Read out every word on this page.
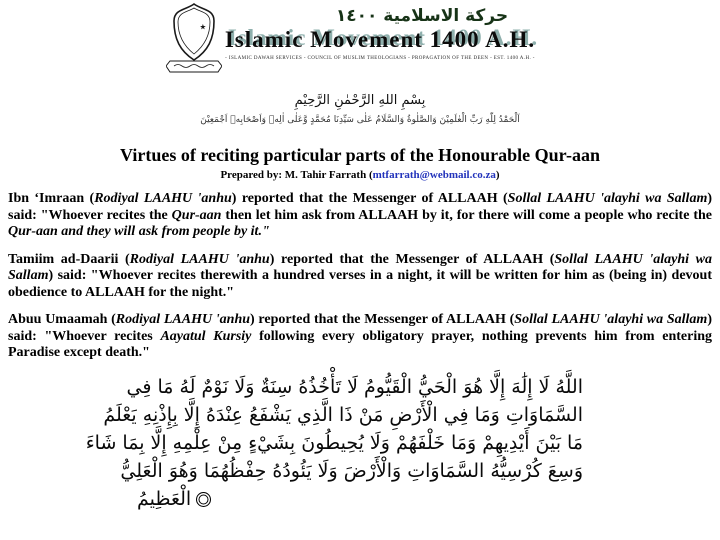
حركة الاسلامية ١٤٠٠
Islamic Movement 1400 A.H.
- ISLAMIC DAWAH SERVICES - COUNCIL OF MUSLIM THEOLOGIANS - PROPAGATION OF THE DEEN - EST. 1400 A.H. -
بِسْمِ اللهِ الرَّحْمٰنِ الرَّحِيْمِ
اَلْحَمْدُ لِلّٰهِ رَبِّ الْعٰلَمِيْنَ وَالصَّلٰوةُ وَالسَّلَامُ عَلٰى سَيِّدِنَا مُحَمَّدٍ وَّعَلٰى اٰلِهٖ وَاَصْحَابِهٖ اَجْمَعِيْنَ
Virtues of reciting particular parts of the Honourable Qur-aan
Prepared by: M. Tahir Farrath (mtfarrath@webmail.co.za)

Ibn ‘Imraan (Rodiyal LAAHU 'anhu) reported that the Messenger of ALLAAH (Sollal LAAHU 'alayhi wa Sallam) said: "Whoever recites the Qur-aan then let him ask from ALLAAH by it, for there will come a people who recite the Qur-aan and they will ask from people by it."

Tamiim ad-Daarii (Rodiyal LAAHU 'anhu) reported that the Messenger of ALLAAH (Sollal LAAHU 'alayhi wa Sallam) said: "Whoever recites therewith a hundred verses in a night, it will be written for him as (being in) devout obedience to ALLAAH for the night."

Abuu Umaamah (Rodiyal LAAHU 'anhu) reported that the Messenger of ALLAAH (Sollal LAAHU 'alayhi wa Sallam) said: "Whoever recites Aayatul Kursiy following every obligatory prayer, nothing prevents him from entering Paradise except death."

اللَّهُ لَا إِلَٰهَ إِلَّا هُوَ الْحَيُّ الْقَيُّومُ لَا تَأْخُذُهُ سِنَةٌ وَلَا نَوْمٌ لَهُ مَا فِي
السَّمَاوَاتِ وَمَا فِي الْأَرْضِ مَنْ ذَا الَّذِي يَشْفَعُ عِنْدَهُ إِلَّا بِإِذْنِهِ يَعْلَمُ
مَا بَيْنَ أَيْدِيهِمْ وَمَا خَلْفَهُمْ وَلَا يُحِيطُونَ بِشَيْءٍ مِنْ عِلْمِهِ إِلَّا بِمَا شَاءَ
وَسِعَ كُرْسِيُّهُ السَّمَاوَاتِ وَالْأَرْضَ وَلَا يَئُودُهُ حِفْظُهُمَا وَهُوَ الْعَلِيُّ
الْعَظِيمُ
